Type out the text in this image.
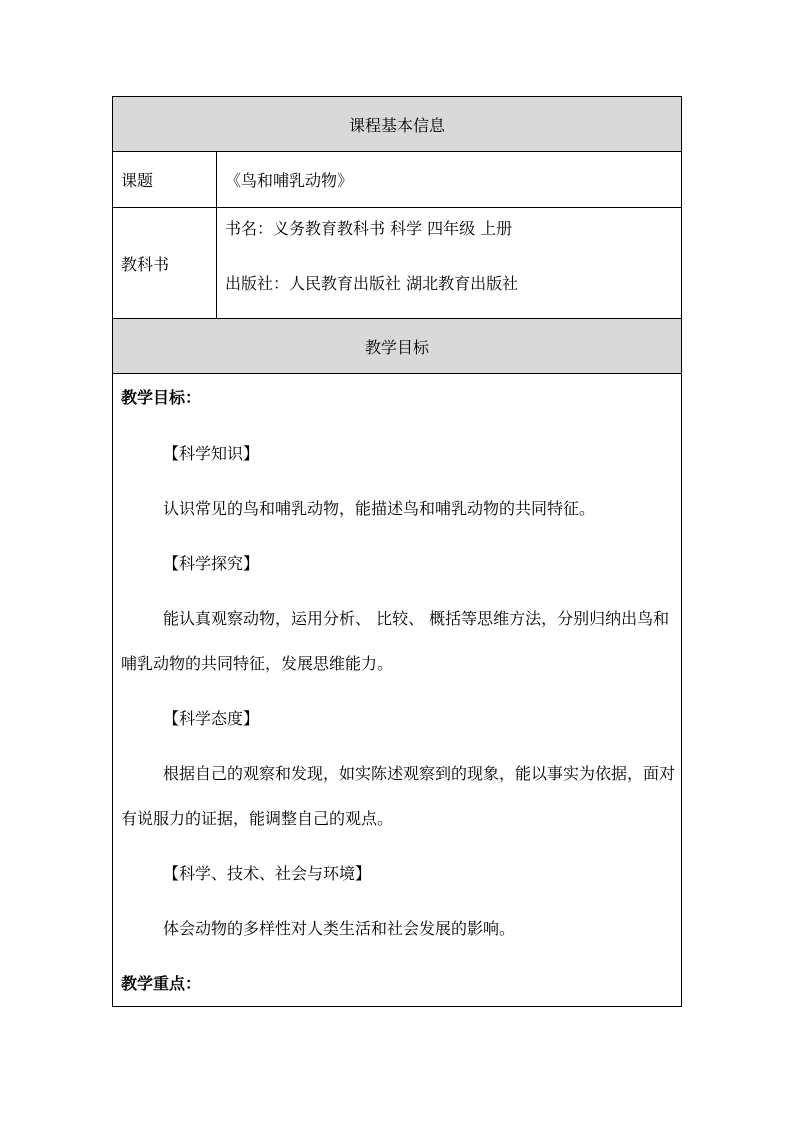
课程基本信息
课题	《鸟和哺乳动物》
教科书
书名：义务教育教科书 科学 四年级 上册
出版社：人民教育出版社 湖北教育出版社
教学目标

教学目标：

【科学知识】

认识常见的鸟和哺乳动物，能描述鸟和哺乳动物的共同特征。

【科学探究】

能认真观察动物，运用分析、 比较、 概括等思维方法，分别归纳出鸟和哺乳动物的共同特征，发展思维能力。

【科学态度】

根据自己的观察和发现，如实陈述观察到的现象，能以事实为依据，面对有说服力的证据，能调整自己的观点。

【科学、技术、社会与环境】

体会动物的多样性对人类生活和社会发展的影响。

教学重点：
